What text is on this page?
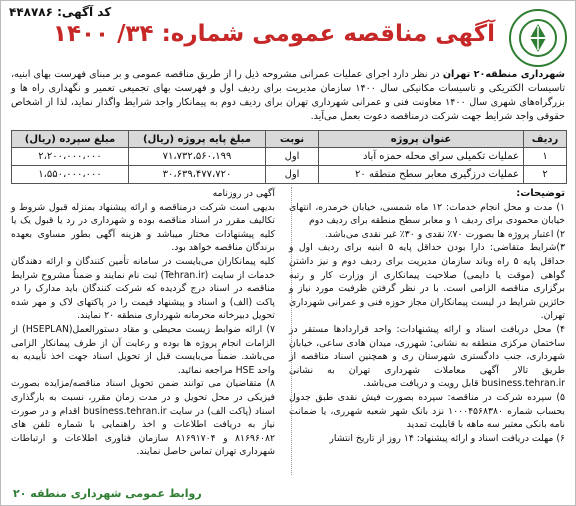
کد آگهی: ۴۴۸۷۸۶
آگهی مناقصه عمومی شماره: ۳۴/ ۱۴۰۰
شهرداری منطقه۲۰ تهران در نظر دارد اجرای عملیات عمرانی مشروحه ذیل را از طریق مناقصه عمومی و بر مبنای فهرست بهای ابنیه، تاسیسات الکتریکی و تاسیسات مکانیکی سال ۱۴۰۰ سازمان مدیریت برای ردیف اول و فهرست بهای تجمیعی تعمیر و نگهداری راه ها و بزرگراه‌های شهری سال ۱۴۰۰ معاونت فنی و عمرانی شهرداری تهران برای ردیف دوم به پیمانکار واجد شرایط واگذار نماید، لذا از اشخاص حقوقی واجد شرایط جهت شرکت درمناقصه دعوت بعمل می‌آید.
ردیف	عنوان پروژه	نوبت	مبلغ پایه پروژه (ریال)	مبلغ سپرده (ریال)
۱	عملیات تکمیلی سرای محله حمزه آباد	اول	۷۱،۷۳۲،۵۶۰،۱۹۹	۲،۲۰۰،۰۰۰،۰۰۰
۲	عملیات درزگیری معابر سطح منطقه ۲۰	اول	۳۰،۶۳۹،۴۷۷،۷۲۰	۱،۵۵۰،۰۰۰،۰۰۰

توضیحات:

۱) مدت و محل انجام خدمات: ۱۲ ماه شمسی، خیابان خرمدره، انتهای خیابان محمودی برای ردیف ۱ و معابر سطح منطقه برای ردیف دوم

۲) اعتبار پروژه ها بصورت ۷۰٪ نقدی و ۳۰٪ غیر نقدی می‌باشد.

۳)شرایط متقاضی: دارا بودن حداقل پایه ۵ ابنیه برای ردیف اول و حداقل پایه ۵ راه وباند سازمان مدیریت برای ردیف دوم و نیز داشتن گواهی (موقت یا دایمی) صلاحیت پیمانکاری از وزارت کار و رتبه برگزاری مناقصه الزامی است. با در نظر گرفتن ظرفیت مورد نیاز و حائزین شرایط در لیست پیمانکاران مجاز حوزه فنی و عمرانی شهرداری تهران.

۴) محل دریافت اسناد و ارائه پیشنهادات: واحد قراردادها مستقر در ساختمان مرکزی منطقه به نشانی: شهرری، میدان هادی ساعی، خیابان شهرداری، جنب دادگستری شهرستان ری و همچنین اسناد مناقصه از طریق تالار آگهی معاملات شهرداری تهران به نشانی business.tehran.ir قابل رویت و دریافت می‌باشد.

۵) سپرده شرکت در مناقصه: سپرده بصورت فیش نقدی طبق جدول بحساب شماره ۱۰۰۰۴۵۶۸۳۸۰ نزد بانک شهر شعبه شهرری، یا ضمانت نامه بانکی معتبر سه ماهه با قابلیت تمدید

۶) مهلت دریافت اسناد و ارائه پیشنهاد: ۱۴ روز از تاریخ انتشار

آگهی در روزنامه

بدیهی است شرکت درمناقصه و ارائه پیشنهاد بمنزله قبول شروط و تکالیف مقرر در اسناد مناقصه بوده و شهرداری در رد یا قبول یک یا کلیه پیشنهادات مختار میباشد و هزینه آگهی بطور مساوی بعهده برندگان مناقصه خواهد بود.

کلیه پیمانکاران می‌بایست در سامانه تأمین کنندگان و ارائه دهندگان خدمات از سایت (Tehran.ir) ثبت نام نمایند و ضمناً مشروح شرایط مناقصه در اسناد درج گردیده که شرکت کنندگان باید مدارک را در پاکت (الف) و اسناد و پیشنهاد قیمت را در پاکتهای لاک و مهر شده تحویل دبیرخانه محرمانه شهرداری منطقه ۲۰ نمایند.

۷) ارائه ضوابط زیست محیطی و مقاد دستورالعمل(HSEPLAN) از الزامات انجام پروژه ها بوده و رعایت آن از طرف پیمانکار الزامی می‌باشد. ضمناً می‌بایست قبل از تحویل اسناد جهت اخذ تأییدیه به واحد HSE مراجعه نمائید.

۸) متقاضیان می توانند ضمن تحویل اسناد مناقصه/مزایده بصورت فیزیکی در محل تحویل و در مدت زمان مقرر، نسبت به بارگذاری اسناد (پاکت الف) در سایت business.tehran.ir اقدام و در صورت نیاز به دریافت اطلاعات و اخذ راهنمایی با شماره تلفن های ۸۱۶۹۶۰۸۲ و ۸۱۶۹۱۷۰۴ سازمان فناوری اطلاعات و ارتباطات شهرداری تهران تماس حاصل نمایند.

روابط عمومی شهرداری منطقه ۲۰
